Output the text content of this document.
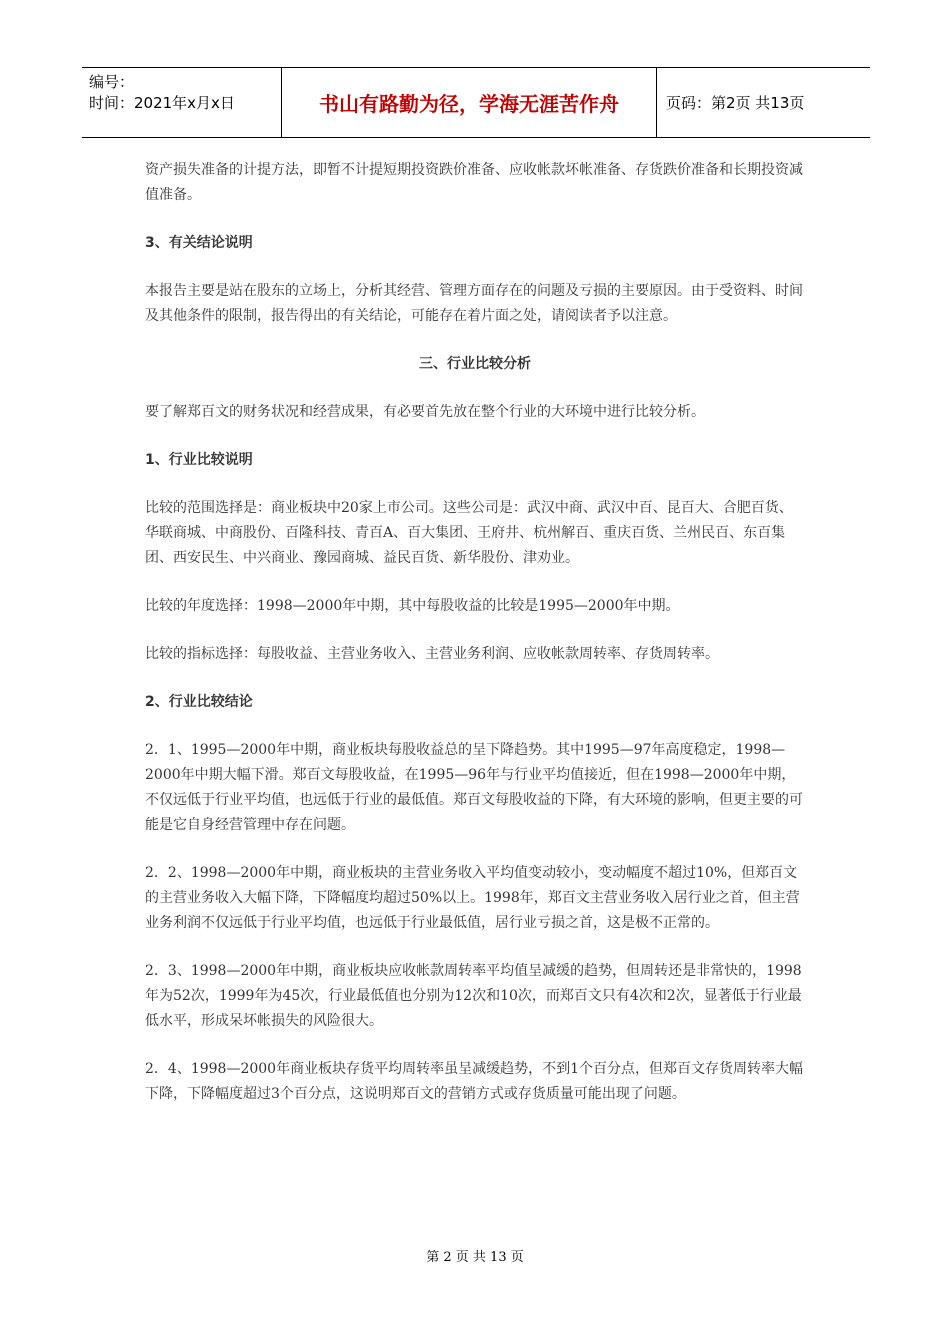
编号：
时间：2021年x月x日	书山有路勤为径，学海无涯苦作舟	页码：第2页 共13页

资产损失准备的计提方法，即暂不计提短期投资跌价准备、应收帐款坏帐准备、存货跌价准备和长期投资减值准备。

3、有关结论说明

本报告主要是站在股东的立场上，分析其经营、管理方面存在的问题及亏损的主要原因。由于受资料、时间及其他条件的限制，报告得出的有关结论，可能存在着片面之处，请阅读者予以注意。

三、行业比较分析

要了解郑百文的财务状况和经营成果，有必要首先放在整个行业的大环境中进行比较分析。

1、行业比较说明

比较的范围选择是：商业板块中20家上市公司。这些公司是：武汉中商、武汉中百、昆百大、合肥百货、华联商城、中商股份、百隆科技、青百A、百大集团、王府井、杭州解百、重庆百货、兰州民百、东百集团、西安民生、中兴商业、豫园商城、益民百货、新华股份、津劝业。

比较的年度选择：1998—2000年中期，其中每股收益的比较是1995—2000年中期。

比较的指标选择：每股收益、主营业务收入、主营业务利润、应收帐款周转率、存货周转率。

2、行业比较结论

2．1、1995—2000年中期，商业板块每股收益总的呈下降趋势。其中1995—97年高度稳定，1998—2000年中期大幅下滑。郑百文每股收益，在1995—96年与行业平均值接近，但在1998—2000年中期，不仅远低于行业平均值，也远低于行业的最低值。郑百文每股收益的下降，有大环境的影响，但更主要的可能是它自身经营管理中存在问题。

2．2、1998—2000年中期，商业板块的主营业务收入平均值变动较小，变动幅度不超过10%，但郑百文的主营业务收入大幅下降，下降幅度均超过50%以上。1998年，郑百文主营业务收入居行业之首，但主营业务利润不仅远低于行业平均值，也远低于行业最低值，居行业亏损之首，这是极不正常的。

2．3、1998—2000年中期，商业板块应收帐款周转率平均值呈减缓的趋势，但周转还是非常快的，1998年为52次，1999年为45次，行业最低值也分别为12次和10次，而郑百文只有4次和2次，显著低于行业最低水平，形成呆坏帐损失的风险很大。

2．4、1998—2000年商业板块存货平均周转率虽呈减缓趋势，不到1个百分点，但郑百文存货周转率大幅下降，下降幅度超过3个百分点，这说明郑百文的营销方式或存货质量可能出现了问题。

第 2 页 共 13 页
